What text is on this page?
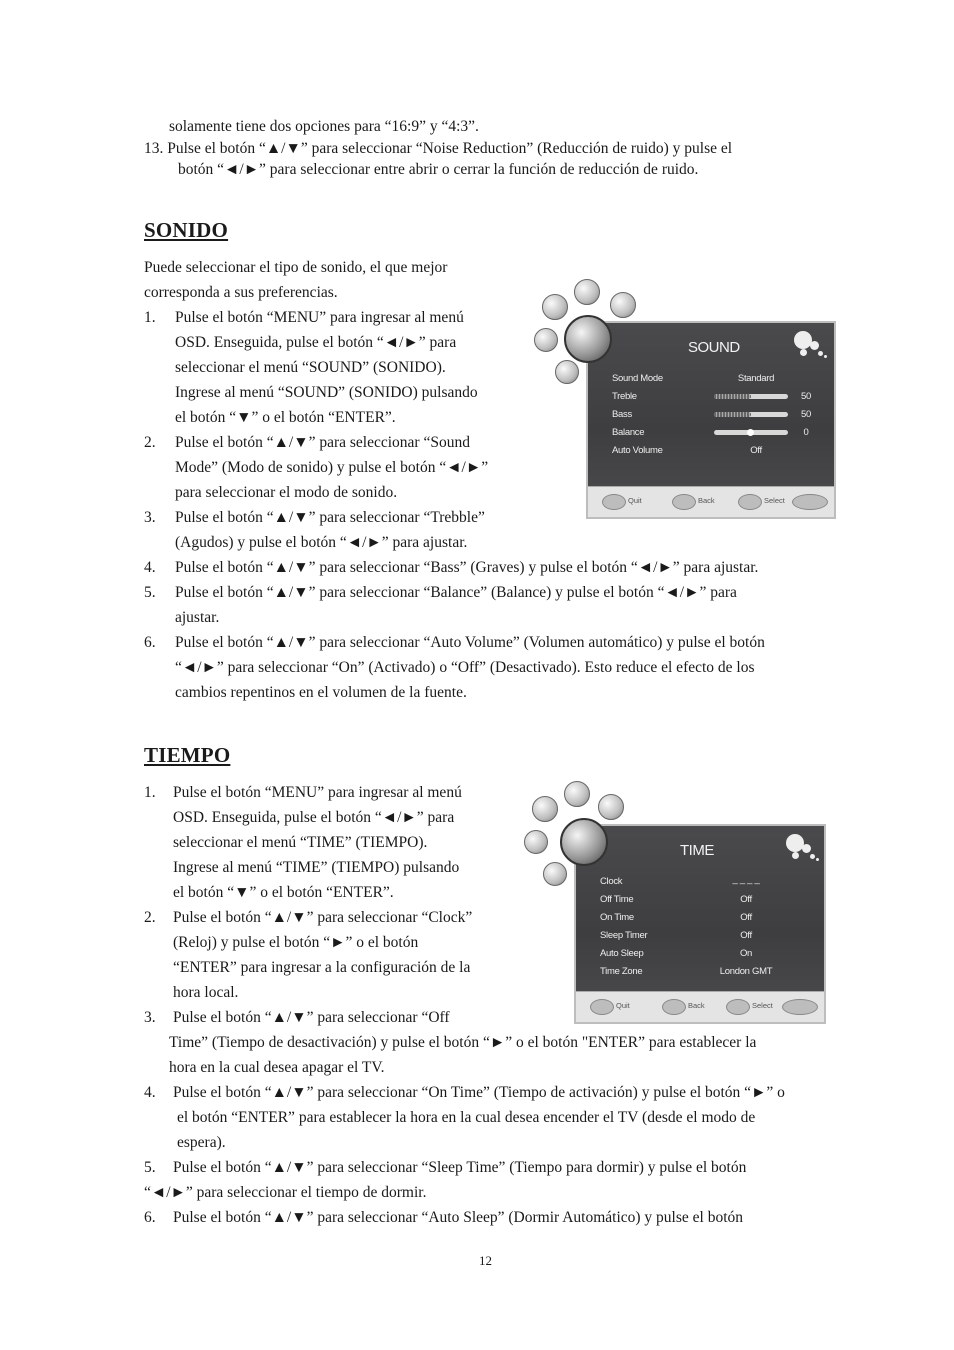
solamente tiene dos opciones para “16:9” y “4:3”.
13. Pulse el botón “▲/▼” para seleccionar “Noise Reduction” (Reducción de ruido) y pulse el
botón “◄/►” para seleccionar entre abrir o cerrar la función de reducción de ruido.
SONIDO
Puede seleccionar el tipo de sonido, el que mejor
corresponda a sus preferencias.
1. Pulse el botón “MENU” para ingresar al menú
OSD. Enseguida, pulse el botón “◄/►” para
seleccionar el menú “SOUND” (SONIDO).
Ingrese al menú “SOUND” (SONIDO) pulsando
el botón “▼” o el botón “ENTER”.
2. Pulse el botón “▲/▼” para seleccionar “Sound
Mode” (Modo de sonido) y pulse el botón “◄/►”
para seleccionar el modo de sonido.
3. Pulse el botón “▲/▼” para seleccionar “Trebble”
(Agudos) y pulse el botón “◄/►” para ajustar.
4. Pulse el botón “▲/▼” para seleccionar “Bass” (Graves) y pulse el botón “◄/►” para ajustar.
5. Pulse el botón “▲/▼” para seleccionar “Balance” (Balance) y pulse el botón “◄/►” para
ajustar.
6. Pulse el botón “▲/▼” para seleccionar “Auto Volume” (Volumen automático) y pulse el botón
“◄/►” para seleccionar “On” (Activado) o “Off” (Desactivado). Esto reduce el efecto de los
cambios repentinos en el volumen de la fuente.
SOUND
Sound Mode	Standard
Treble	50
Bass	50
Balance	0
Auto Volume	Off
Quit	Back	Select
TIEMPO
1. Pulse el botón “MENU” para ingresar al menú
OSD. Enseguida, pulse el botón “◄/►” para
seleccionar el menú “TIME” (TIEMPO).
Ingrese al menú “TIME” (TIEMPO) pulsando
el botón “▼” o el botón “ENTER”.
2. Pulse el botón “▲/▼” para seleccionar “Clock”
(Reloj) y pulse el botón “►” o el botón
“ENTER” para ingresar a la configuración de la
hora local.
3. Pulse el botón “▲/▼” para seleccionar “Off
Time” (Tiempo de desactivación) y pulse el botón “►” o el botón "ENTER” para establecer la
hora en la cual desea apagar el TV.
4. Pulse el botón “▲/▼” para seleccionar “On Time” (Tiempo de activación) y pulse el botón “►” o
el botón “ENTER” para establecer la hora en la cual desea encender el TV (desde el modo de
espera).
5. Pulse el botón “▲/▼” para seleccionar “Sleep Time” (Tiempo para dormir) y pulse el botón
“◄/►” para seleccionar el tiempo de dormir.
6. Pulse el botón “▲/▼” para seleccionar “Auto Sleep” (Dormir Automático) y pulse el botón
TIME
Clock	_ _ _ _
Off Time	Off
On Time	Off
Sleep Timer	Off
Auto Sleep	On
Time Zone	London GMT
Quit	Back	Select
12
